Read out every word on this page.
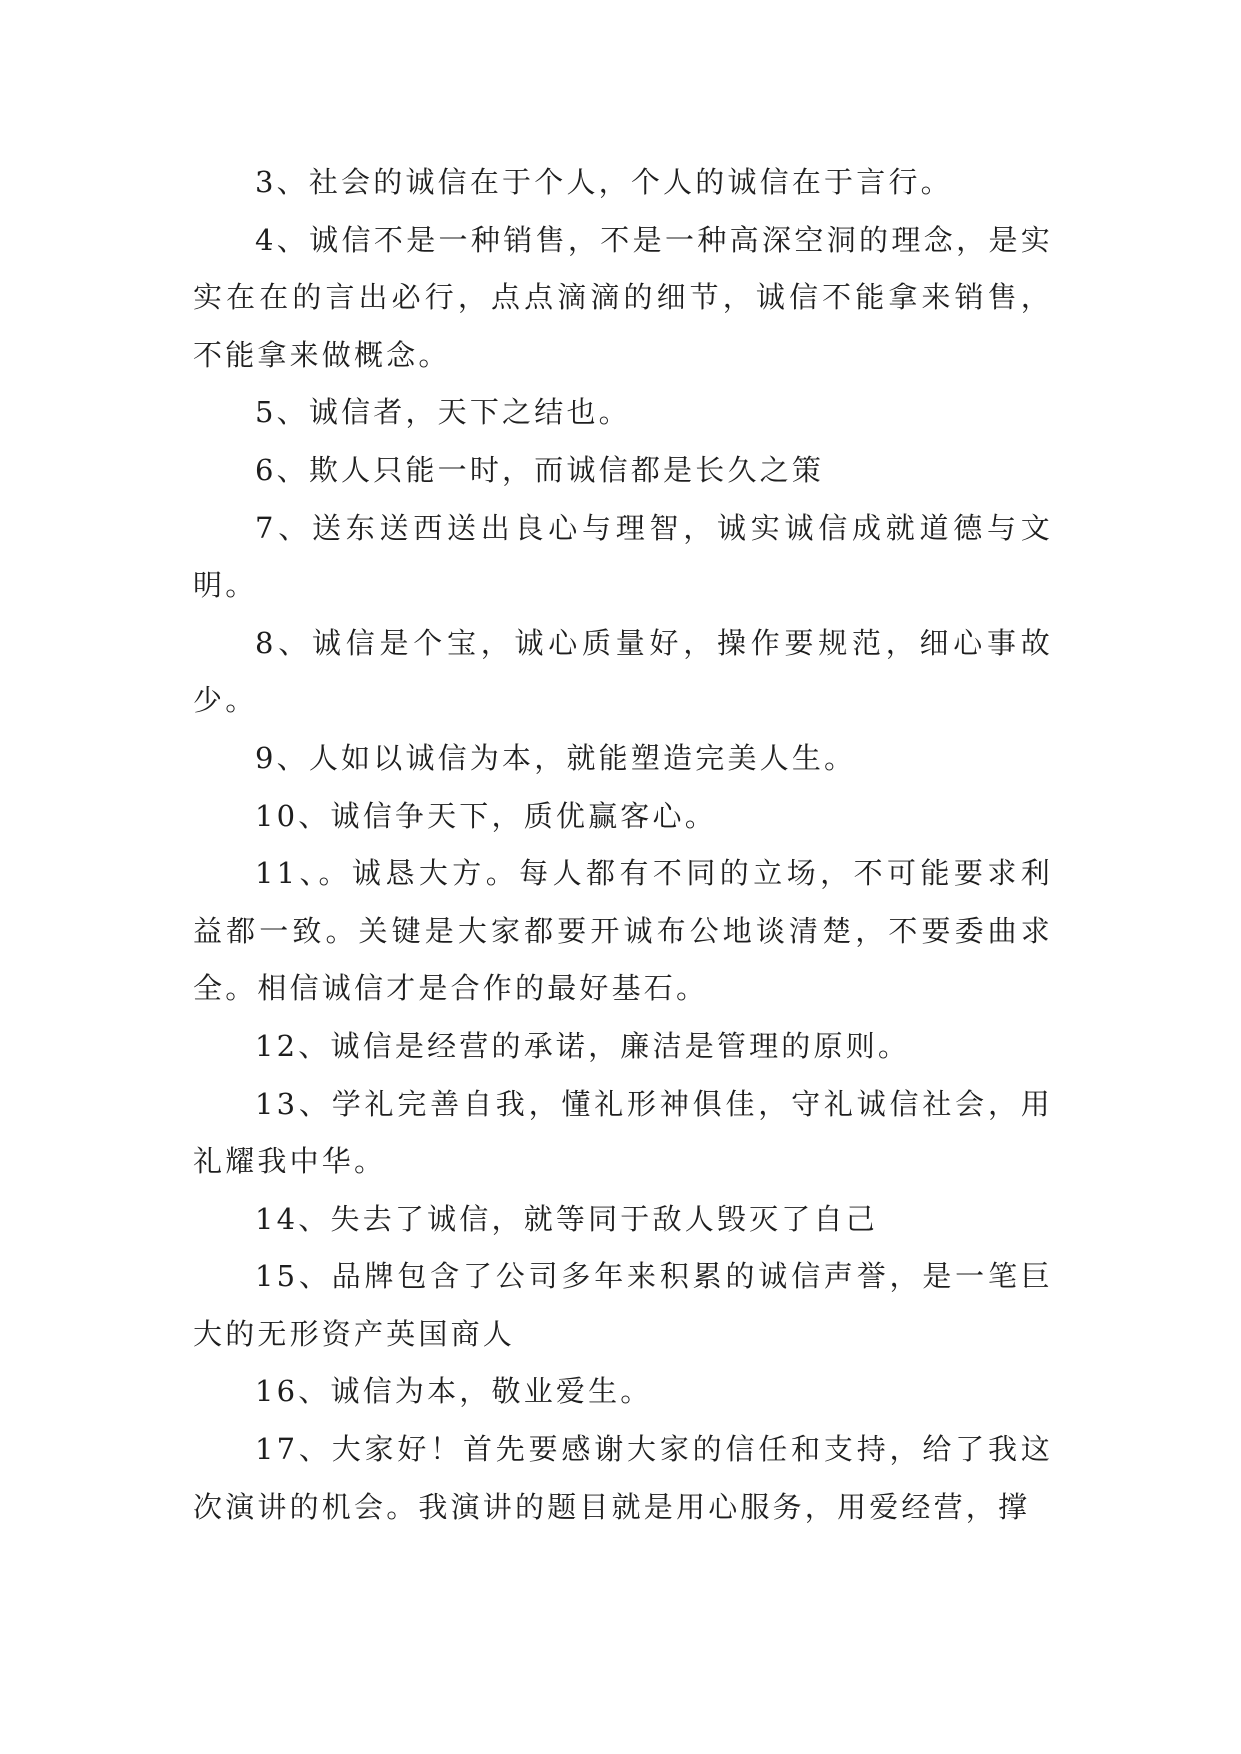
3、社会的诚信在于个人，个人的诚信在于言行。

4、诚信不是一种销售，不是一种高深空洞的理念，是实实在在的言出必行，点点滴滴的细节，诚信不能拿来销售，不能拿来做概念。

5、诚信者，天下之结也。

6、欺人只能一时，而诚信都是长久之策

7、送东送西送出良心与理智，诚实诚信成就道德与文明。

8、诚信是个宝，诚心质量好，操作要规范，细心事故少。

9、人如以诚信为本，就能塑造完美人生。

10、诚信争天下，质优赢客心。

11、。诚恳大方。每人都有不同的立场，不可能要求利益都一致。关键是大家都要开诚布公地谈清楚，不要委曲求全。相信诚信才是合作的最好基石。

12、诚信是经营的承诺，廉洁是管理的原则。

13、学礼完善自我，懂礼形神俱佳，守礼诚信社会，用礼耀我中华。

14、失去了诚信，就等同于敌人毁灭了自己

15、品牌包含了公司多年来积累的诚信声誉，是一笔巨大的无形资产英国商人

16、诚信为本，敬业爱生。

17、大家好！首先要感谢大家的信任和支持，给了我这次演讲的机会。我演讲的题目就是用心服务，用爱经营，撑
